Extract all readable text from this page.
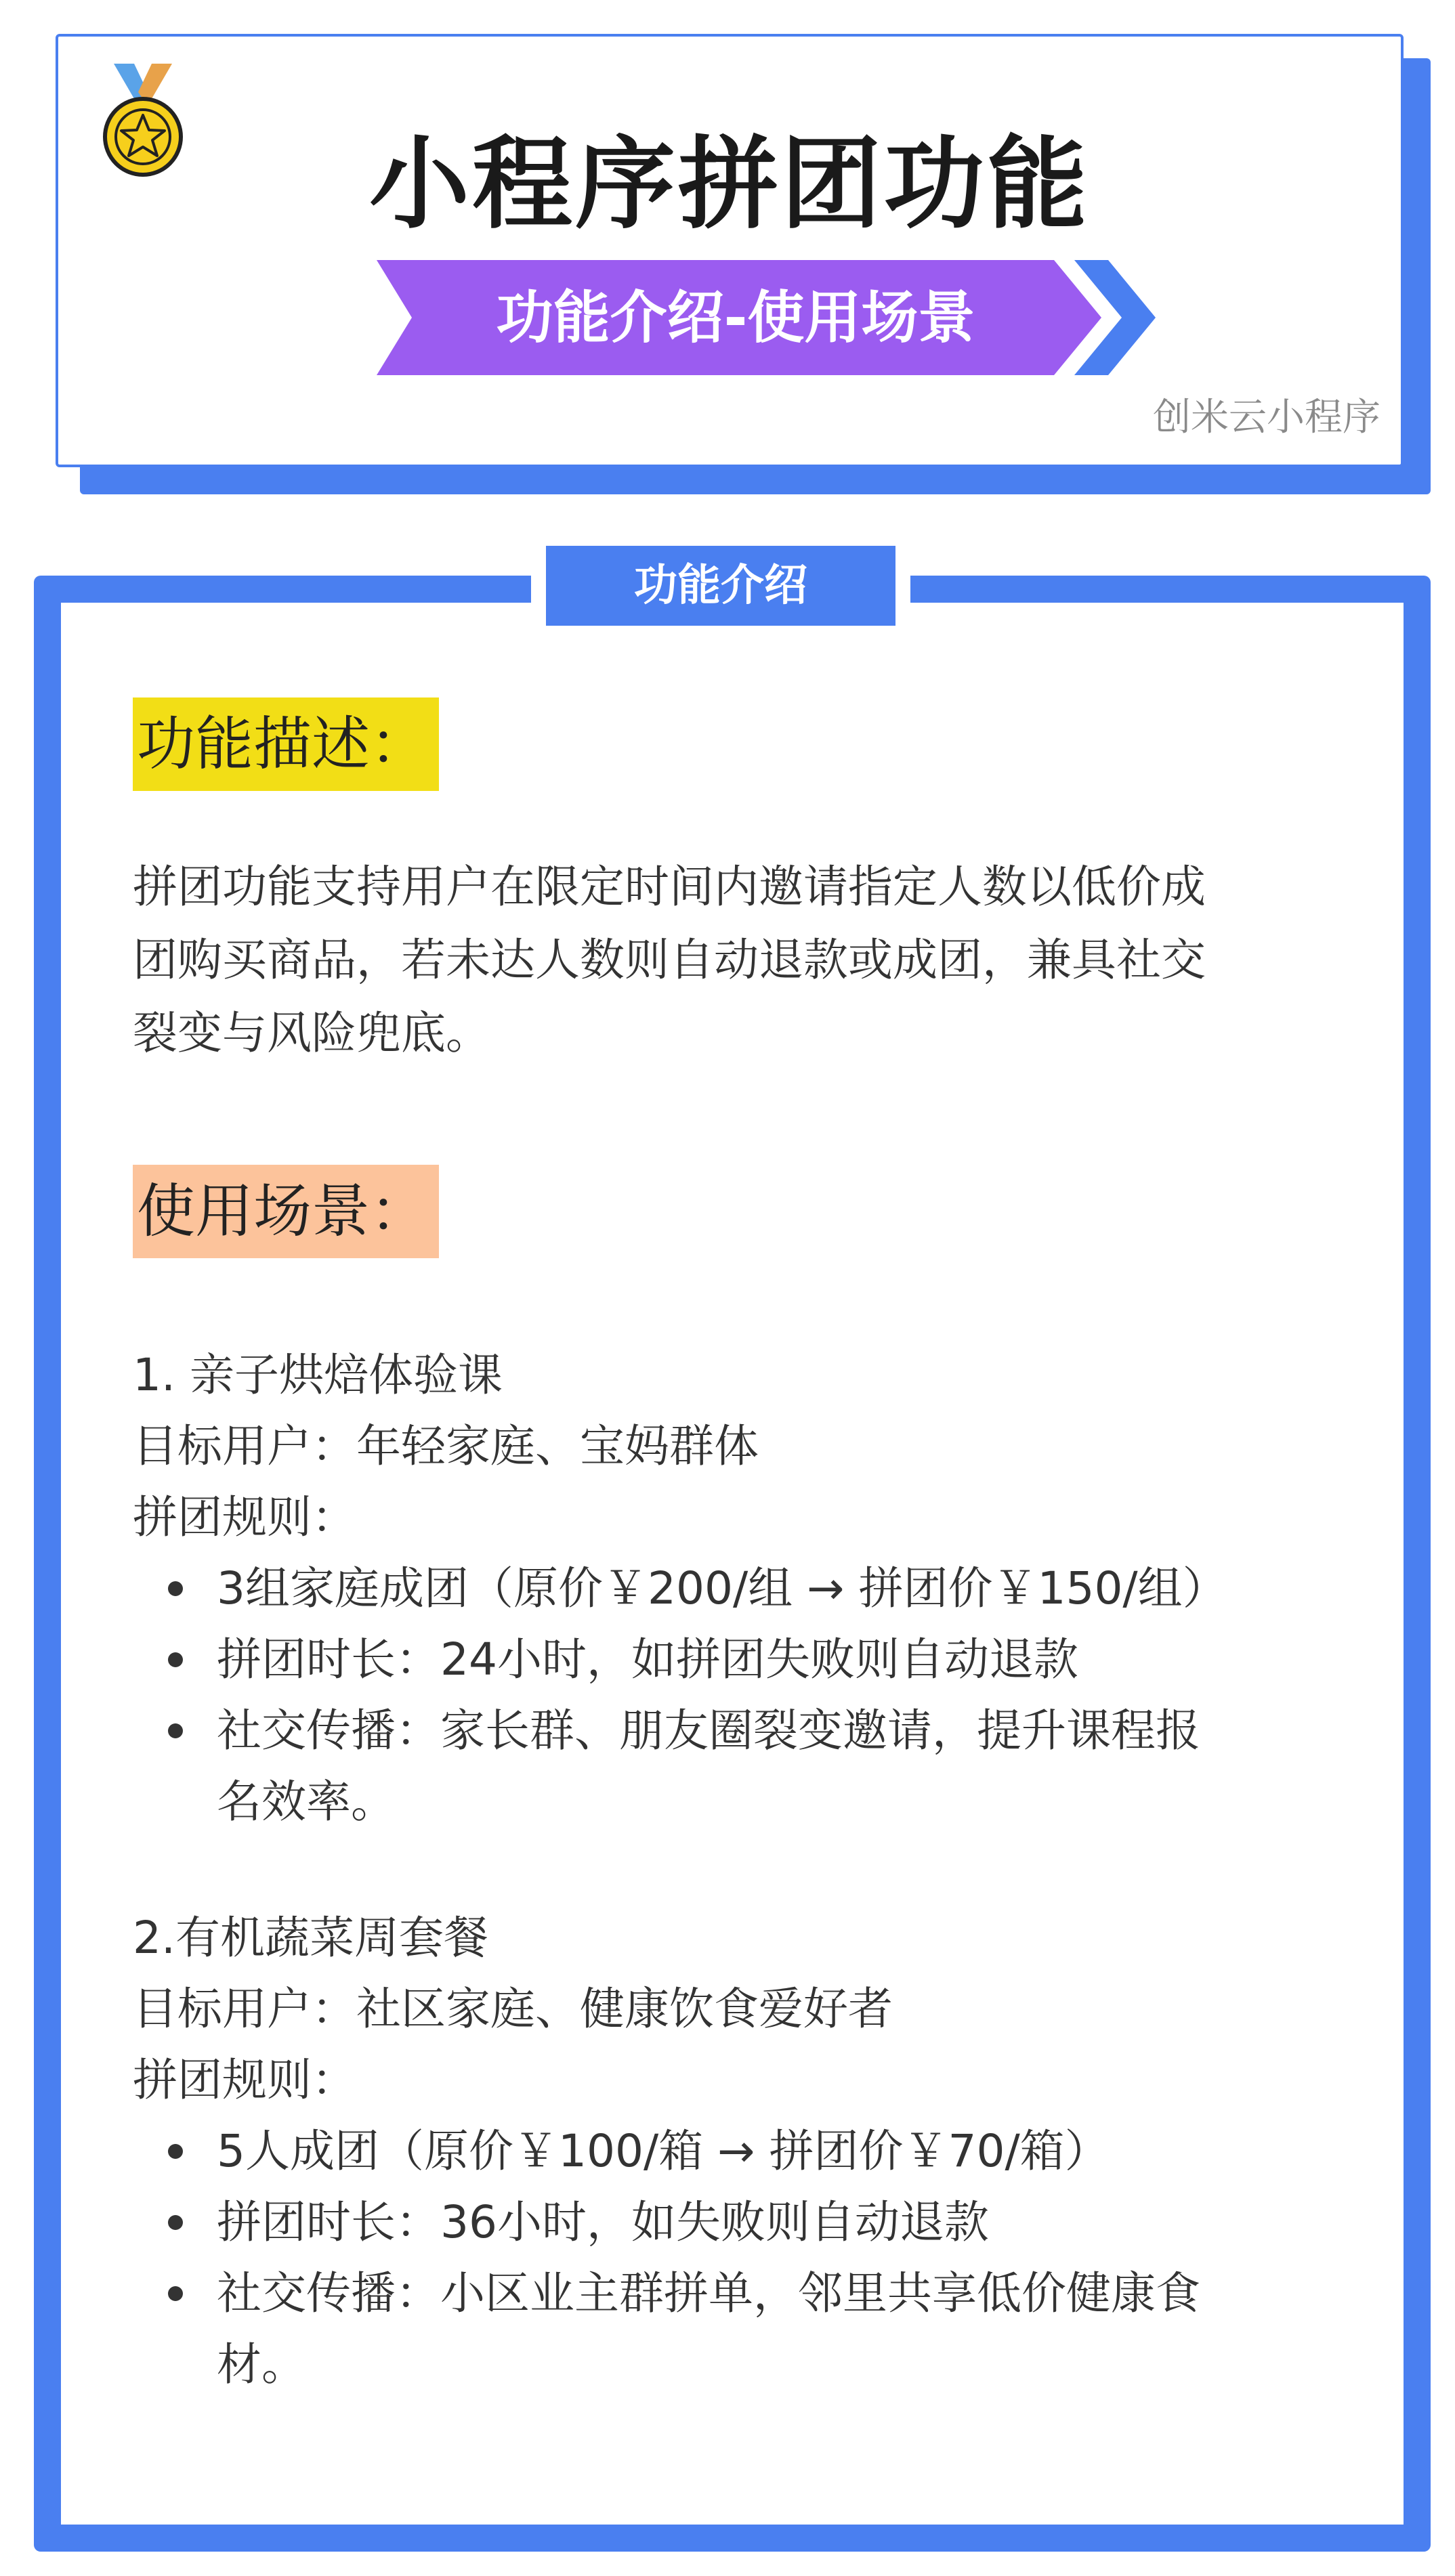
小程序拼团功能
功能介绍-使用场景
创米云小程序
功能介绍
功能描述：

拼团功能支持用户在限定时间内邀请指定人数以低价成
团购买商品，若未达人数则自动退款或成团，兼具社交
裂变与风险兜底。

使用场景：
1. 亲子烘焙体验课
目标用户：年轻家庭、宝妈群体
拼团规则：
3组家庭成团（原价￥200/组 → 拼团价￥150/组）
拼团时长：24小时，如拼团失败则自动退款
社交传播：家长群、朋友圈裂变邀请，提升课程报
名效率。
2.有机蔬菜周套餐
目标用户：社区家庭、健康饮食爱好者
拼团规则：
5人成团（原价￥100/箱 → 拼团价￥70/箱）
拼团时长：36小时，如失败则自动退款
社交传播：小区业主群拼单，邻里共享低价健康食
材。
